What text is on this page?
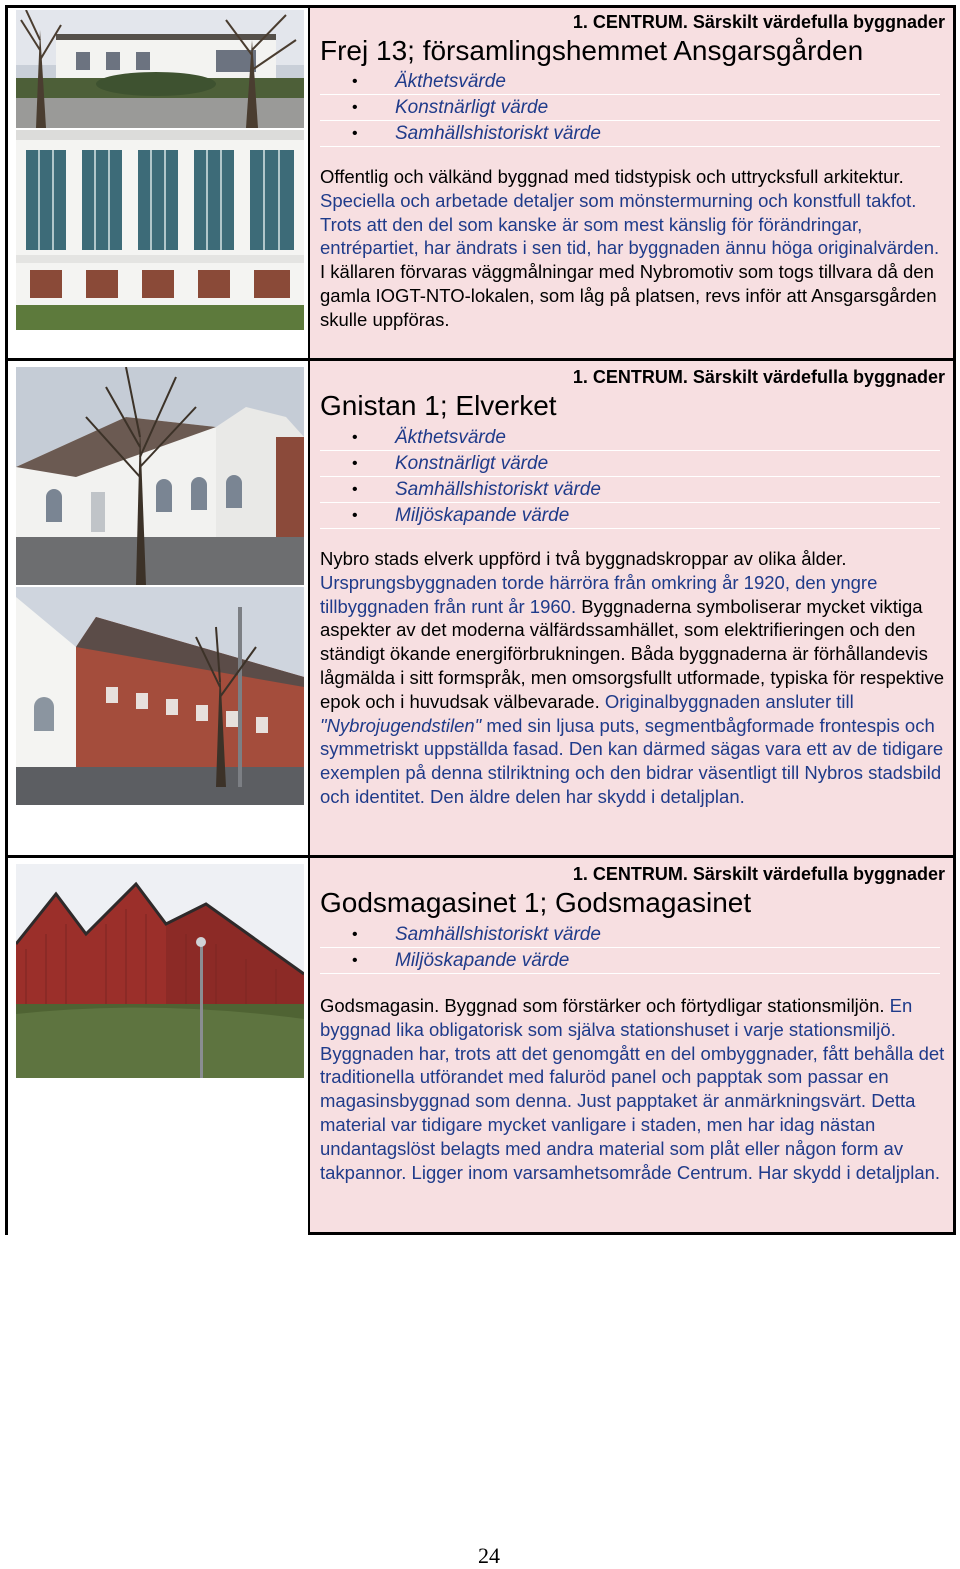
1. CENTRUM. Särskilt värdefulla byggnader
Frej 13; församlingshemmet Ansgarsgården
• Äkthetsvärde
• Konstnärligt värde
• Samhällshistoriskt värde

Offentlig och välkänd byggnad med tidstypisk och uttrycksfull arkitektur. Speciella och arbetade detaljer som mönstermurning och konstfull takfot. Trots att den del som kanske är som mest känslig för förändringar, entrépartiet, har ändrats i sen tid, har byggnaden ännu höga originalvärden. I källaren förvaras väggmålningar med Nybromotiv som togs tillvara då den gamla IOGT-NTO-lokalen, som låg på platsen, revs inför att Ansgarsgården skulle uppföras.

1. CENTRUM. Särskilt värdefulla byggnader
Gnistan 1; Elverket
• Äkthetsvärde
• Konstnärligt värde
• Samhällshistoriskt värde
• Miljöskapande värde

Nybro stads elverk uppförd i två byggnadskroppar av olika ålder. Ursprungsbyggnaden torde härröra från omkring år 1920, den yngre tillbyggnaden från runt år 1960. Byggnaderna symboliserar mycket viktiga aspekter av det moderna välfärdssamhället, som elektrifieringen och den ständigt ökande energiförbrukningen. Båda byggnaderna är förhållandevis lågmälda i sitt formspråk, men omsorgsfullt utformade, typiska för respektive epok och i huvudsak välbevarade. Originalbyggnaden ansluter till "Nybrojugendstilen" med sin ljusa puts, segmentbågformade frontespis och symmetriskt uppställda fasad. Den kan därmed sägas vara ett av de tidigare exemplen på denna stilriktning och den bidrar väsentligt till Nybros stadsbild och identitet. Den äldre delen har skydd i detaljplan.

1. CENTRUM. Särskilt värdefulla byggnader
Godsmagasinet 1; Godsmagasinet
• Samhällshistoriskt värde
• Miljöskapande värde

Godsmagasin. Byggnad som förstärker och förtydligar stationsmiljön. En byggnad lika obligatorisk som själva stationshuset i varje stationsmiljö. Byggnaden har, trots att det genomgått en del ombyggnader, fått behålla det traditionella utförandet med faluröd panel och papptak som passar en magasinsbyggnad som denna. Just papptaket är anmärkningsvärt. Detta material var tidigare mycket vanligare i staden, men har idag nästan undantagslöst belagts med andra material som plåt eller någon form av takpannor. Ligger inom varsamhetsområde Centrum. Har skydd i detaljplan.

24
